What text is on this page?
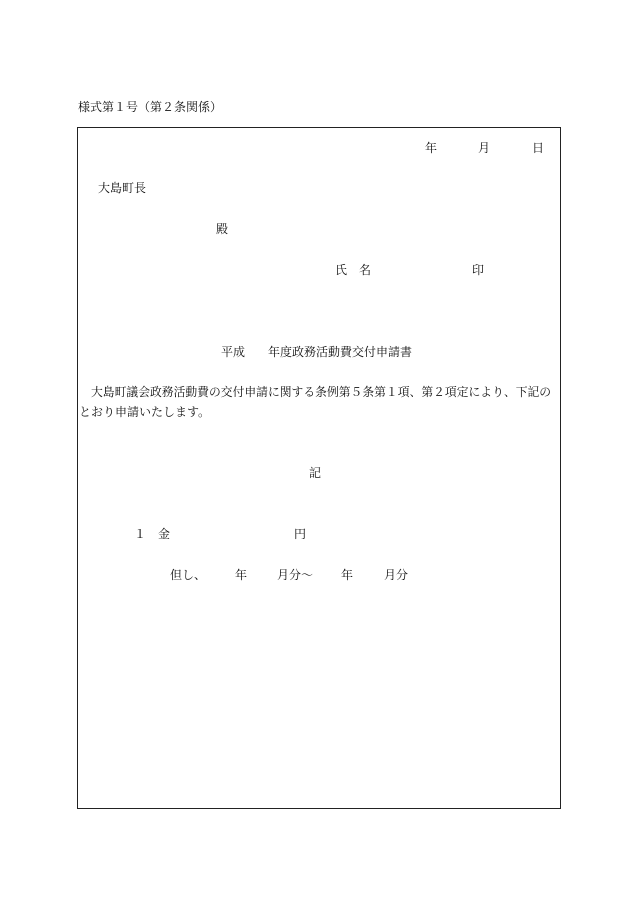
様式第１号（第２条関係）
年	月	日
大島町長
殿
氏　名	印
平成 年度政務活動費交付申請書
大島町議会政務活動費の交付申請に関する条例第５条第１項、第２項定により、下記の
とおり申請いたします。
記
１ 金	円
但し、 年 月分～ 年	月分
